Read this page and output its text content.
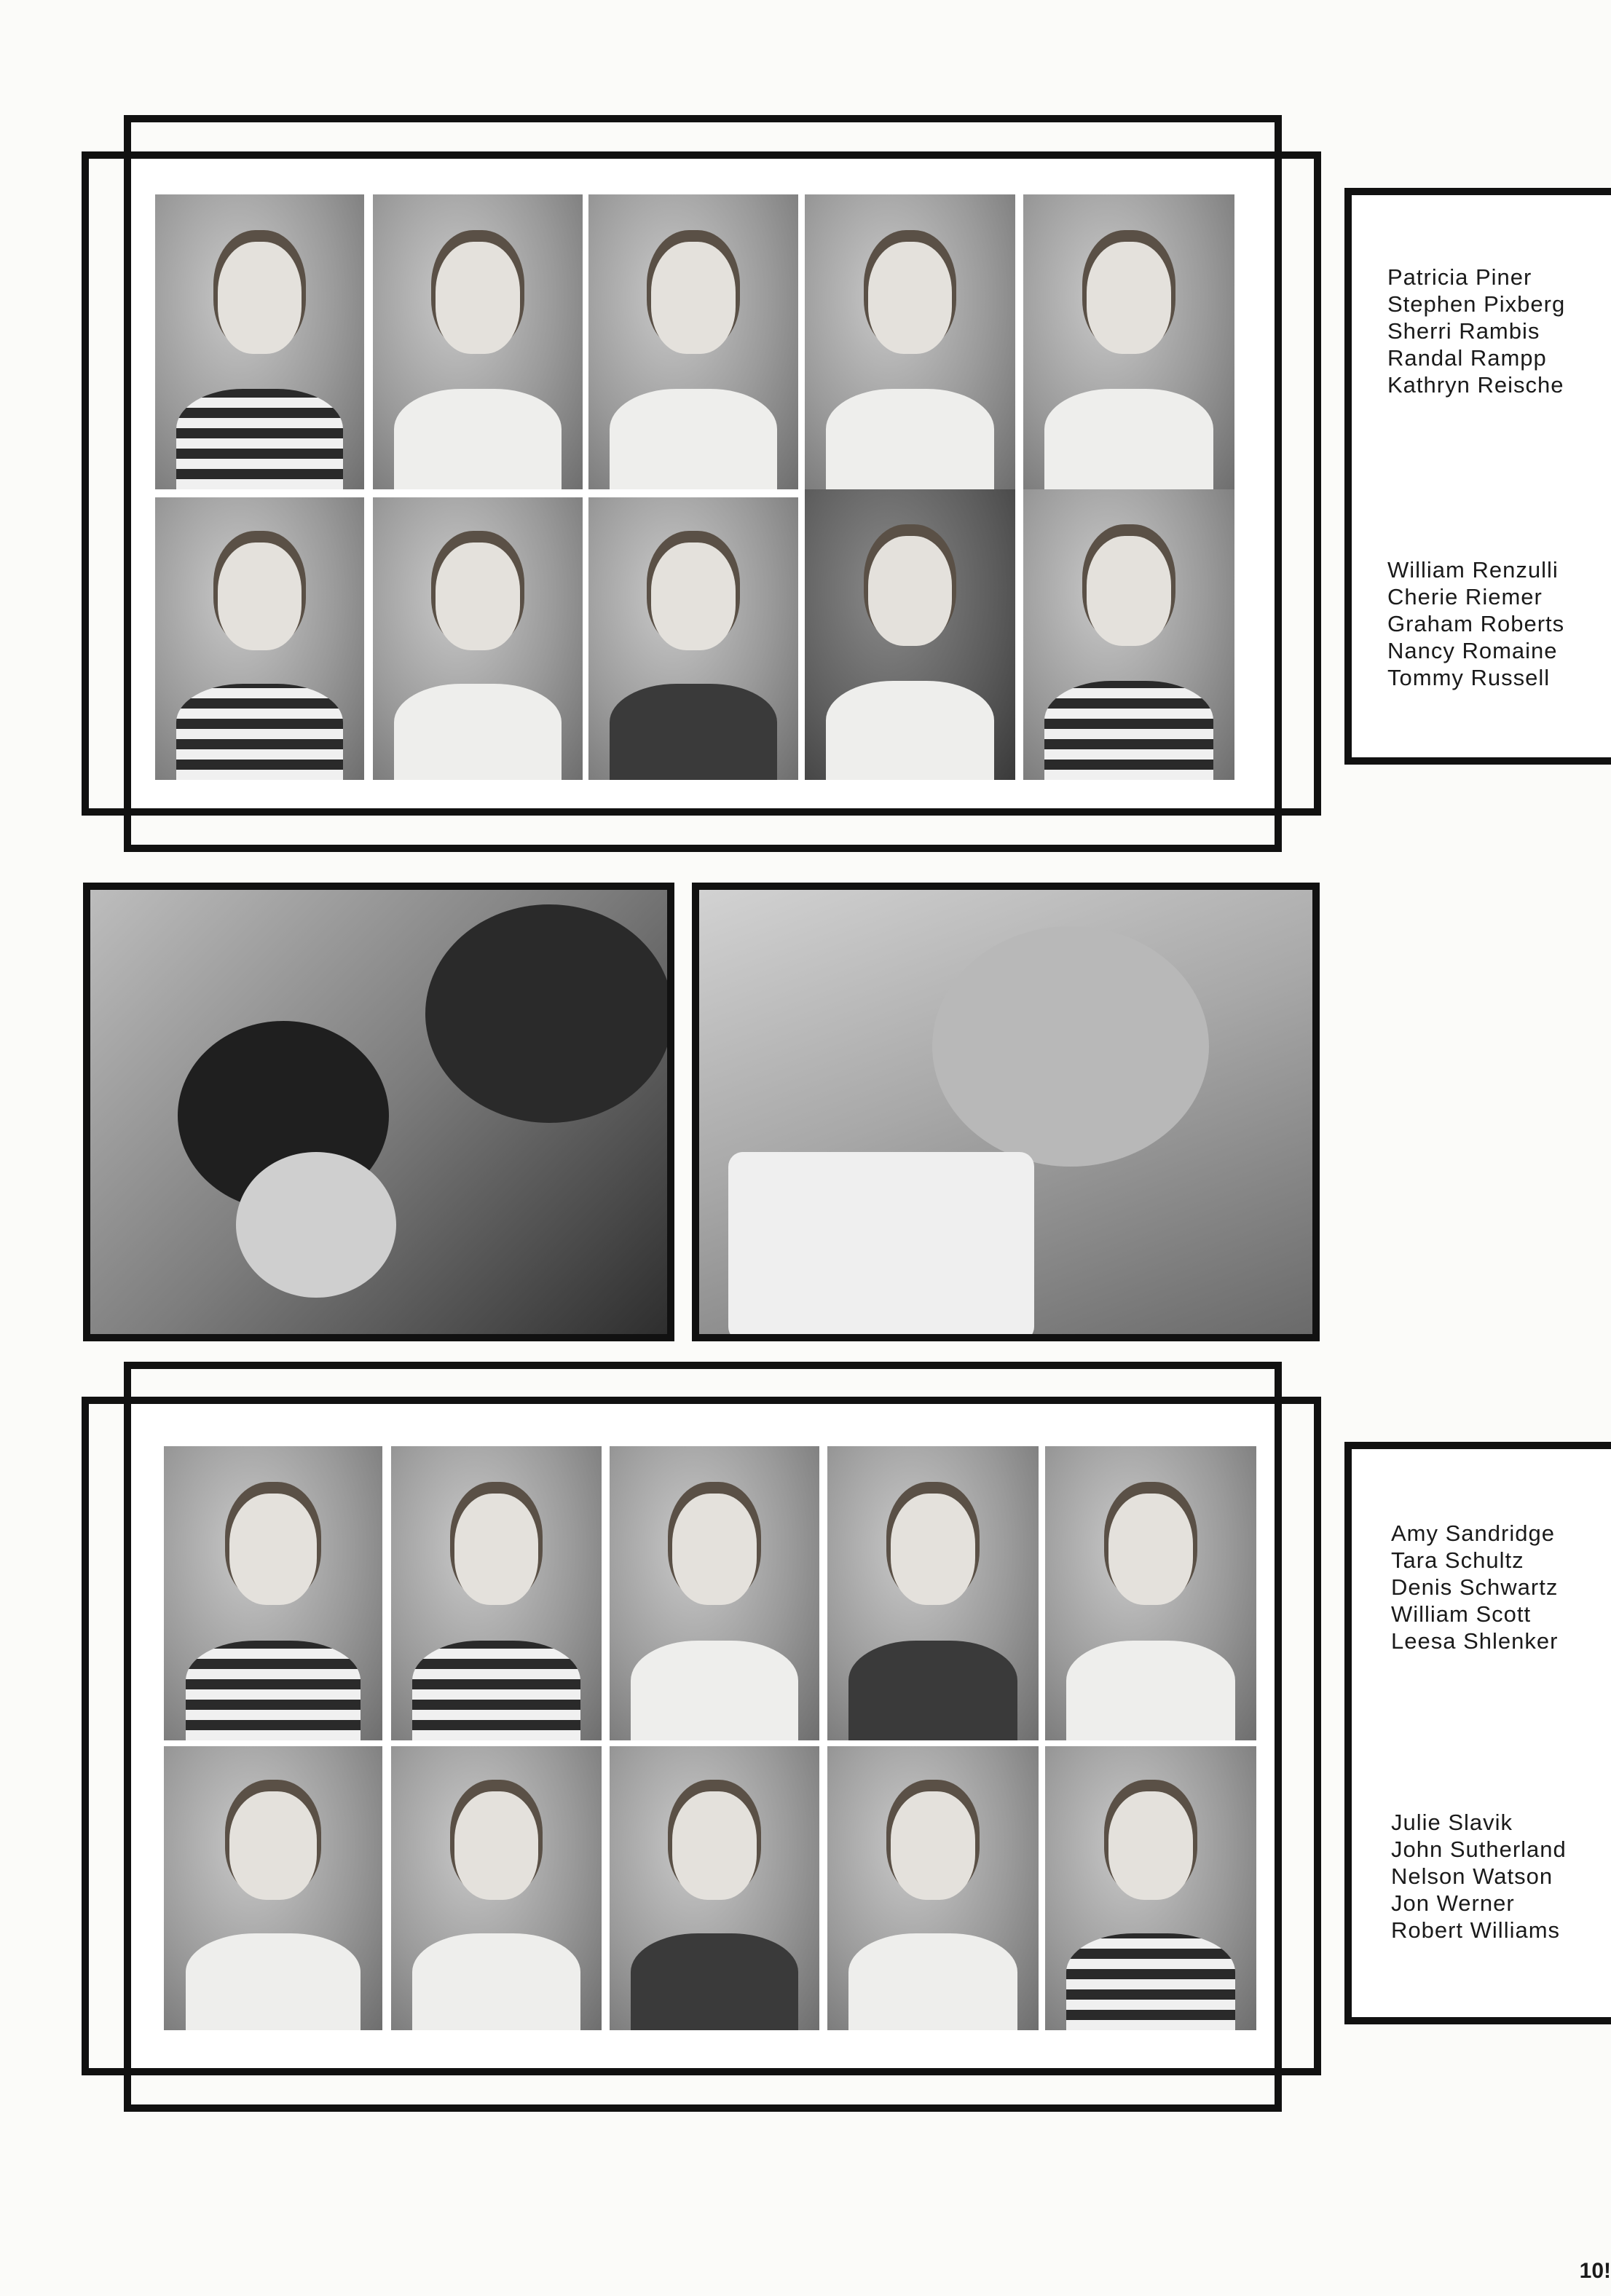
Patricia Piner
Stephen Pixberg
Sherri Rambis
Randal Rampp
Kathryn Reische
William Renzulli
Cherie Riemer
Graham Roberts
Nancy Romaine
Tommy Russell
Amy Sandridge
Tara Schultz
Denis Schwartz
William Scott
Leesa Shlenker
Julie Slavik
John Sutherland
Nelson Watson
Jon Werner
Robert Williams
10!
